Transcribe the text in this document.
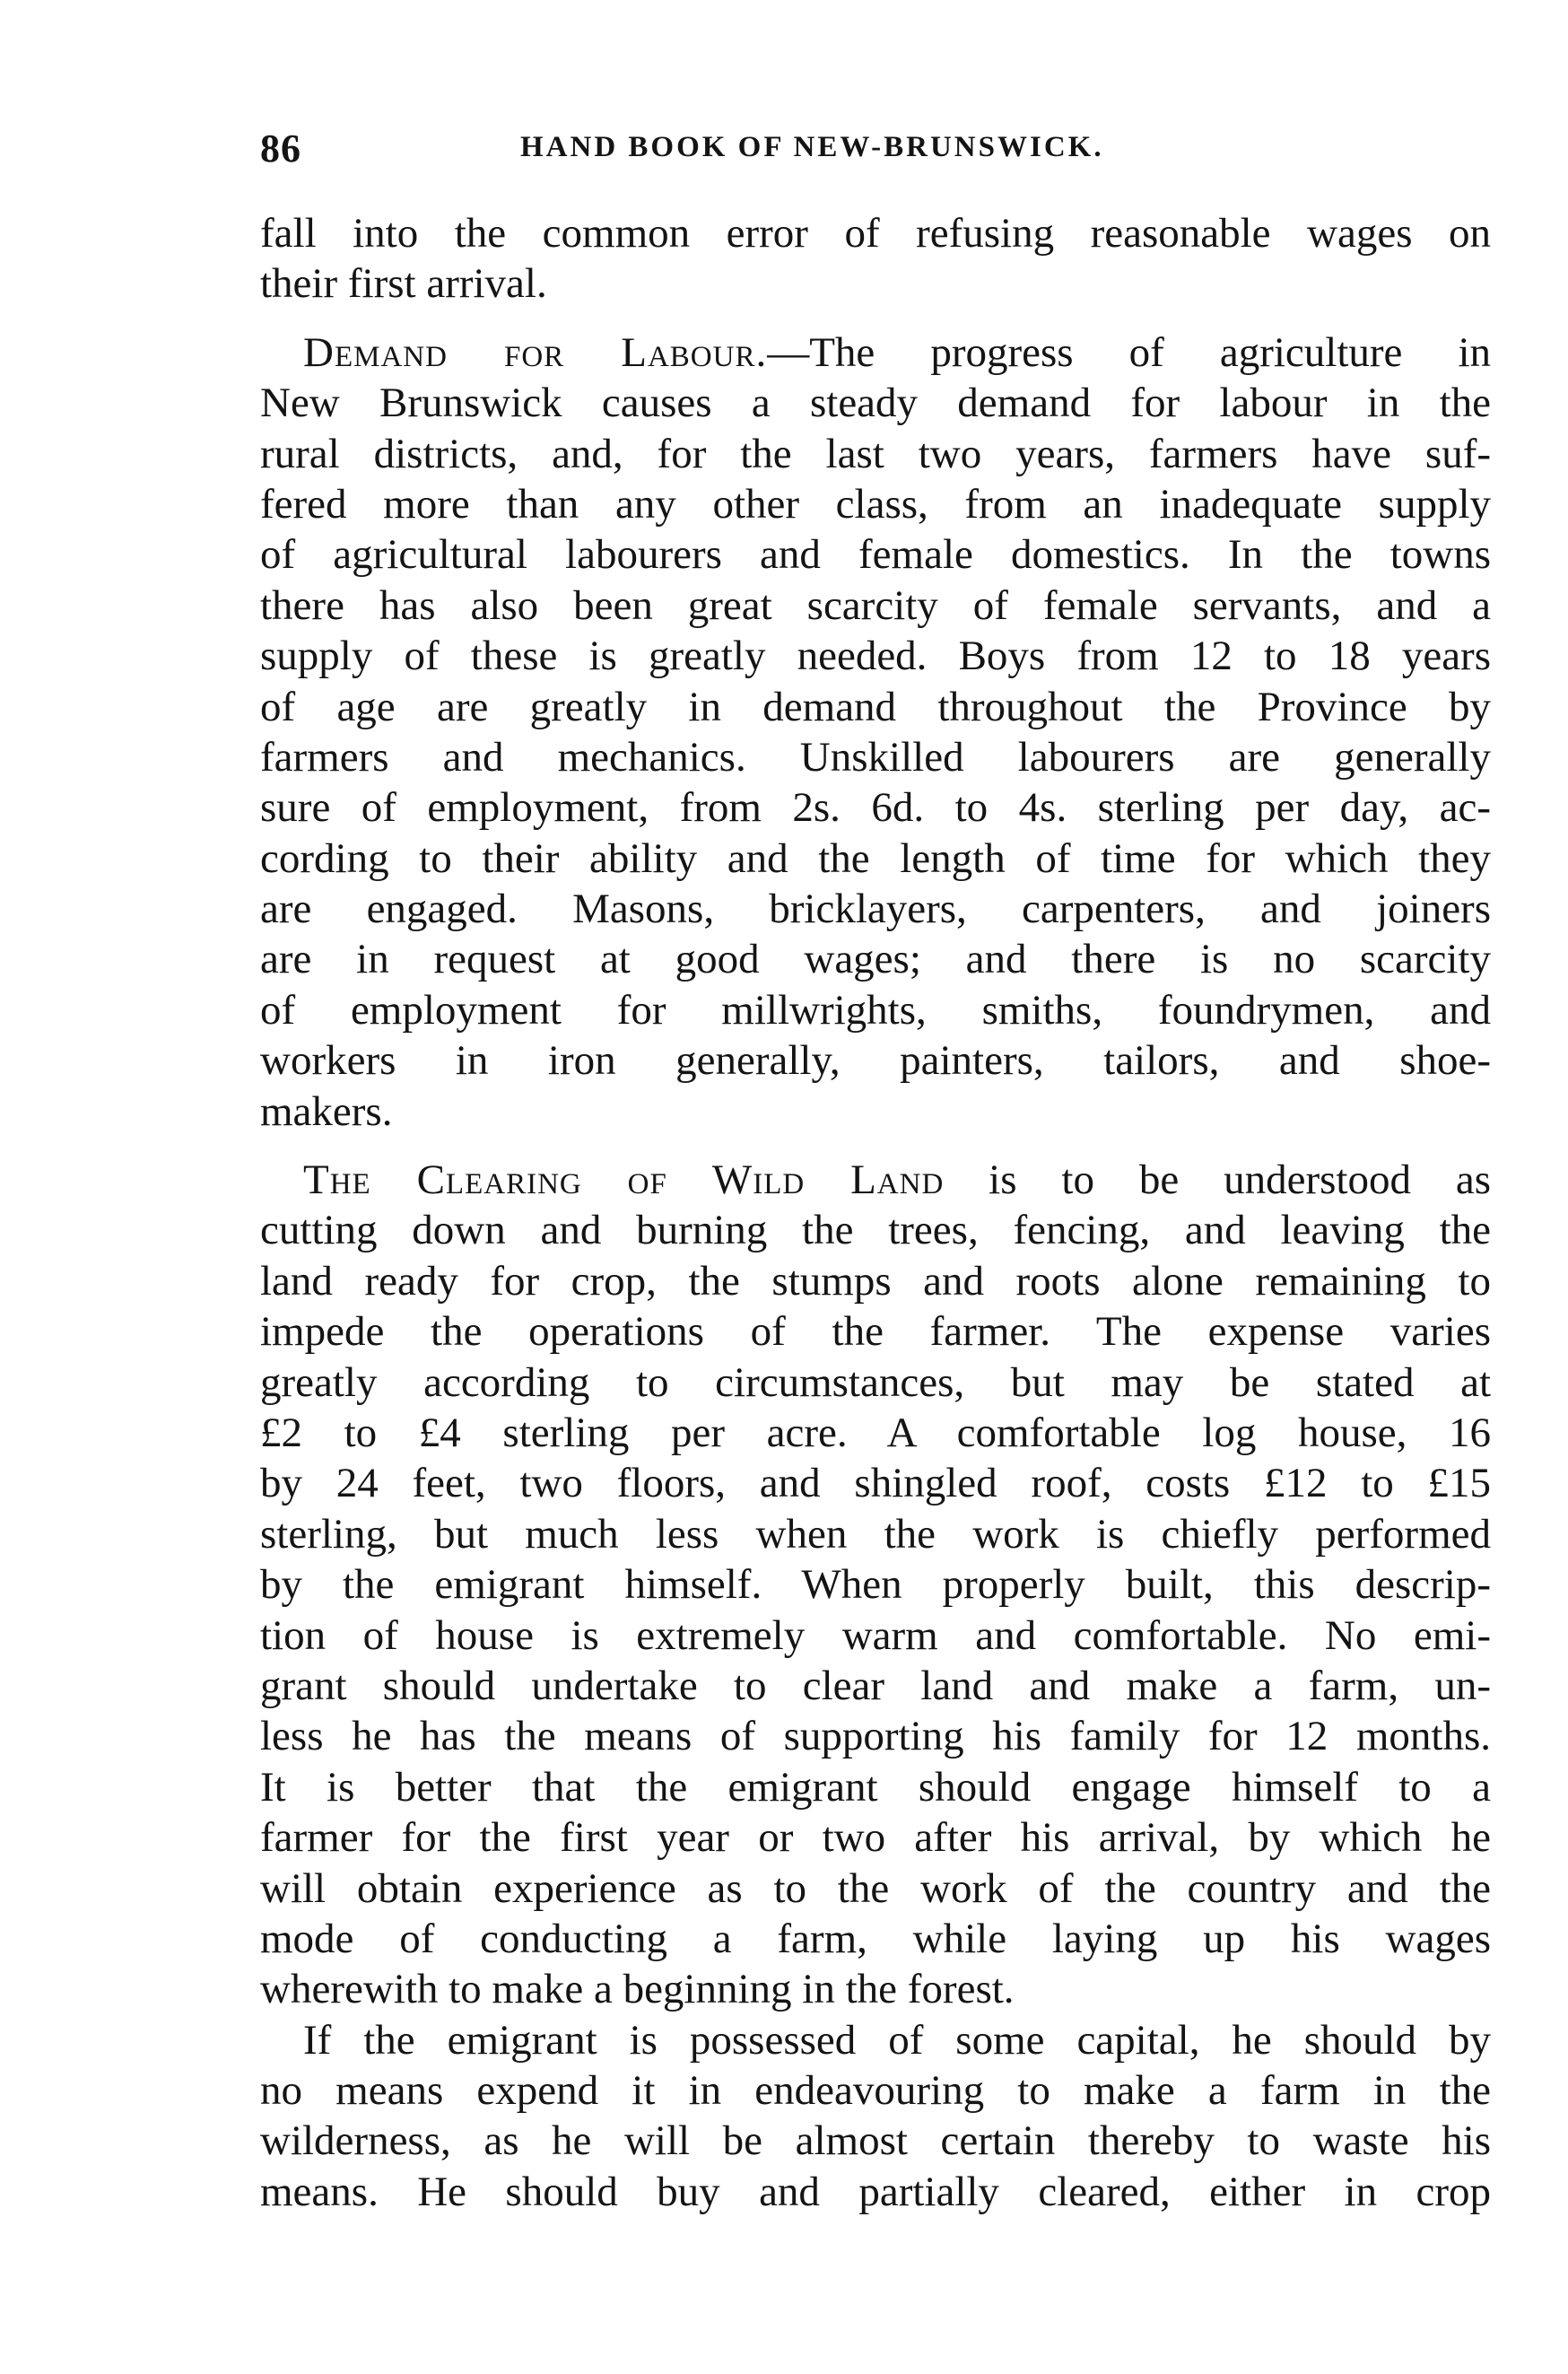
86	HAND BOOK OF NEW-BRUNSWICK.

fall into the common error of refusing reasonable wages on
their first arrival.

Demand for Labour.—The progress of agriculture in
New Brunswick causes a steady demand for labour in the
rural districts, and, for the last two years, farmers have suf-
fered more than any other class, from an inadequate supply
of agricultural labourers and female domestics. In the towns
there has also been great scarcity of female servants, and a
supply of these is greatly needed. Boys from 12 to 18 years
of age are greatly in demand throughout the Province by
farmers and mechanics. Unskilled labourers are generally
sure of employment, from 2s. 6d. to 4s. sterling per day, ac-
cording to their ability and the length of time for which they
are engaged. Masons, bricklayers, carpenters, and joiners
are in request at good wages; and there is no scarcity
of employment for millwrights, smiths, foundrymen, and
workers in iron generally, painters, tailors, and shoe-
makers.

The Clearing of Wild Land is to be understood as
cutting down and burning the trees, fencing, and leaving the
land ready for crop, the stumps and roots alone remaining to
impede the operations of the farmer. The expense varies
greatly according to circumstances, but may be stated at
£2 to £4 sterling per acre. A comfortable log house, 16
by 24 feet, two floors, and shingled roof, costs £12 to £15
sterling, but much less when the work is chiefly performed
by the emigrant himself. When properly built, this descrip-
tion of house is extremely warm and comfortable. No emi-
grant should undertake to clear land and make a farm, un-
less he has the means of supporting his family for 12 months.
It is better that the emigrant should engage himself to a
farmer for the first year or two after his arrival, by which he
will obtain experience as to the work of the country and the
mode of conducting a farm, while laying up his wages
wherewith to make a beginning in the forest.

If the emigrant is possessed of some capital, he should by
no means expend it in endeavouring to make a farm in the
wilderness, as he will be almost certain thereby to waste his
means. He should buy and partially cleared, either in crop
